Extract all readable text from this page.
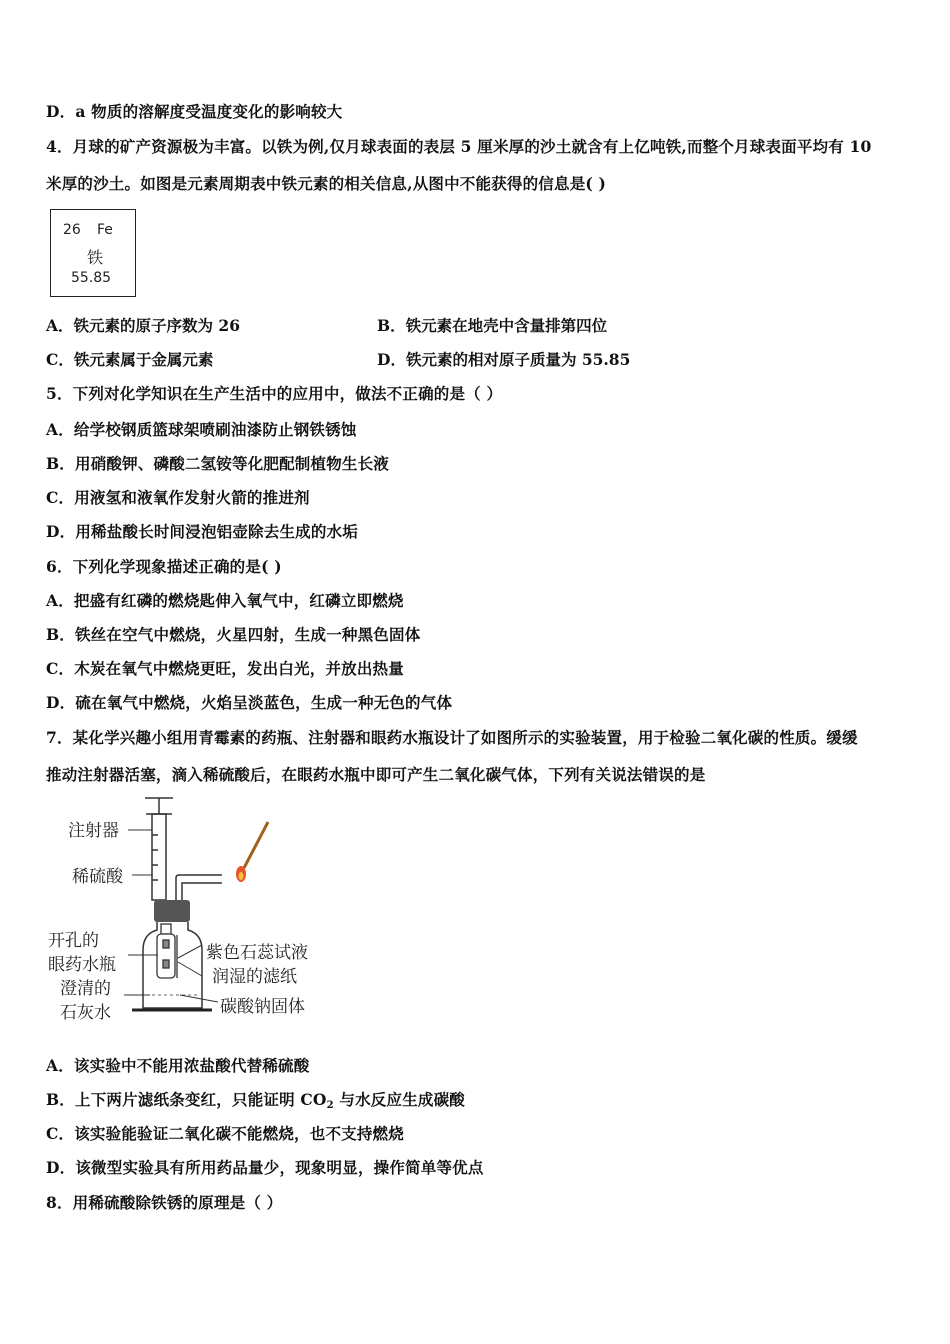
D．a 物质的溶解度受温度变化的影响较大
4．月球的矿产资源极为丰富。以铁为例,仅月球表面的表层 5 厘米厚的沙土就含有上亿吨铁,而整个月球表面平均有 10
米厚的沙土。如图是元素周期表中铁元素的相关信息,从图中不能获得的信息是( )
26 Fe
铁
55.85
A．铁元素的原子序数为 26	B．铁元素在地壳中含量排第四位
C．铁元素属于金属元素	D．铁元素的相对原子质量为 55.85
5．下列对化学知识在生产生活中的应用中，做法不正确的是（ ）
A．给学校钢质篮球架喷刷油漆防止钢铁锈蚀
B．用硝酸钾、磷酸二氢铵等化肥配制植物生长液
C．用液氢和液氧作发射火箭的推进剂
D．用稀盐酸长时间浸泡铝壶除去生成的水垢
6．下列化学现象描述正确的是( )
A．把盛有红磷的燃烧匙伸入氧气中，红磷立即燃烧
B．铁丝在空气中燃烧，火星四射，生成一种黑色固体
C．木炭在氧气中燃烧更旺，发出白光，并放出热量
D．硫在氧气中燃烧，火焰呈淡蓝色，生成一种无色的气体
7．某化学兴趣小组用青霉素的药瓶、注射器和眼药水瓶设计了如图所示的实验装置，用于检验二氧化碳的性质。缓缓
推动注射器活塞，滴入稀硫酸后，在眼药水瓶中即可产生二氧化碳气体，下列有关说法错误的是
注射器
稀硫酸
开孔的
眼药水瓶
澄清的
石灰水
紫色石蕊试液
润湿的滤纸
碳酸钠固体
A．该实验中不能用浓盐酸代替稀硫酸
B．上下两片滤纸条变红，只能证明 $CO_2$ 与水反应生成碳酸
C．该实验能验证二氧化碳不能燃烧，也不支持燃烧
D．该微型实验具有所用药品量少，现象明显，操作简单等优点
8．用稀硫酸除铁锈的原理是（ ）
